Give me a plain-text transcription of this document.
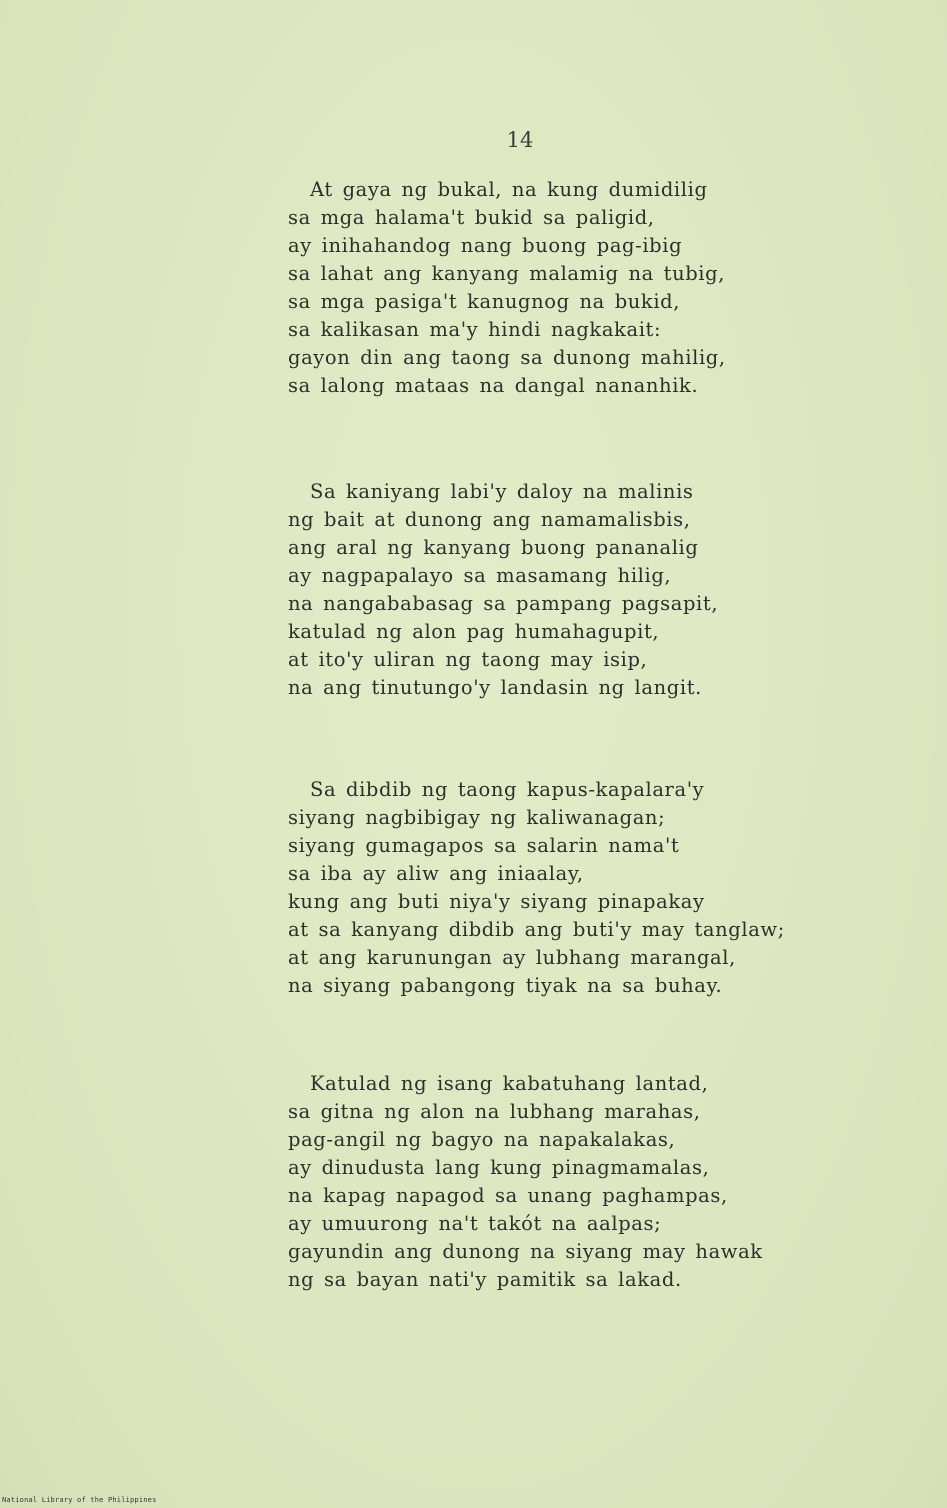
14
At gaya ng bukal, na kung dumidilig
sa mga halama't bukid sa paligid,
ay inihahandog nang buong pag-ibig
sa lahat ang kanyang malamig na tubig,
sa mga pasiga't kanugnog na bukid,
sa kalikasan ma'y hindi nagkakait:
gayon din ang taong sa dunong mahilig,
sa lalong mataas na dangal nananhik.
Sa kaniyang labi'y daloy na malinis
ng bait at dunong ang namamalisbis,
ang aral ng kanyang buong pananalig
ay nagpapalayo sa masamang hilig,
na nangababasag sa pampang pagsapit,
katulad ng alon pag humahagupit,
at ito'y uliran ng taong may isip,
na ang tinutungo'y landasin ng langit.
Sa dibdib ng taong kapus-kapalara'y
siyang nagbibigay ng kaliwanagan;
siyang gumagapos sa salarin nama't
sa iba ay aliw ang iniaalay,
kung ang buti niya'y siyang pinapakay
at sa kanyang dibdib ang buti'y may tanglaw;
at ang karunungan ay lubhang marangal,
na siyang pabangong tiyak na sa buhay.
Katulad ng isang kabatuhang lantad,
sa gitna ng alon na lubhang marahas,
pag-angil ng bagyo na napakalakas,
ay dinudusta lang kung pinagmamalas,
na kapag napagod sa unang paghampas,
ay umuurong na't takót na aalpas;
gayundin ang dunong na siyang may hawak
ng sa bayan nati'y pamitik sa lakad.
National Library of the Philippines
